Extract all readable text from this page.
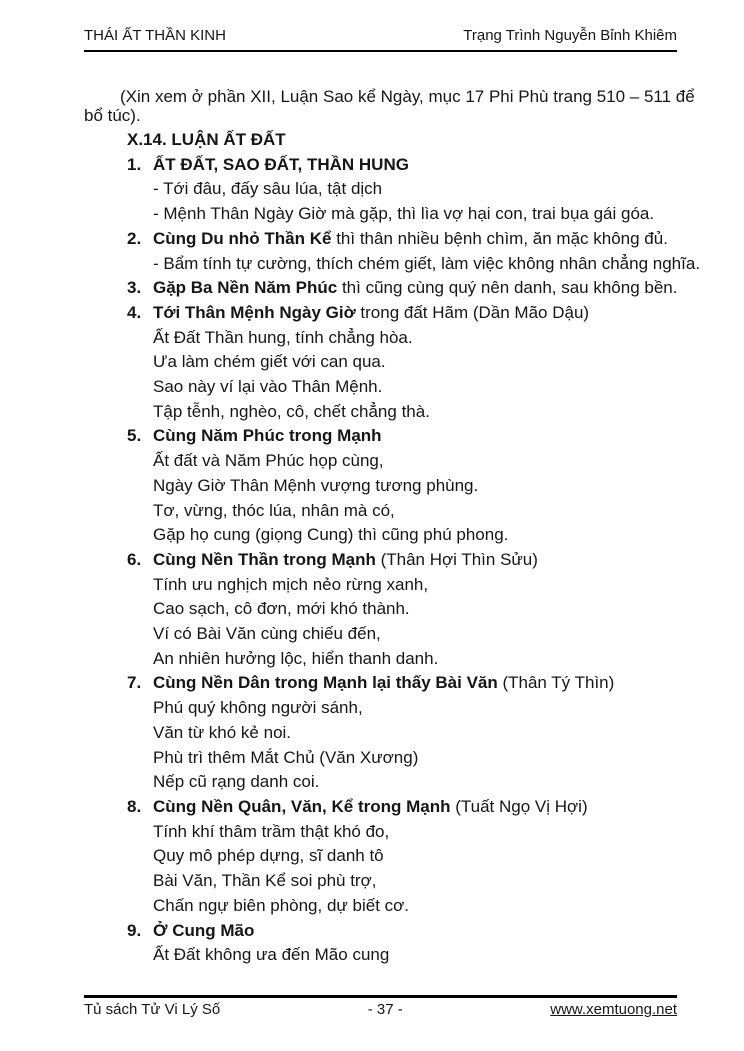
THÁI ẤT THẦN KINH	Trạng Trình Nguyễn Bỉnh Khiêm
(Xin xem ở phần XII, Luận Sao kể Ngày, mục 17 Phi Phù trang 510 – 511 để
bổ túc).
X.14. LUẬN ẤT ĐẤT
1. ẤT ĐẤT, SAO ĐẤT, THẦN HUNG
- Tới đâu, đấy sâu lúa, tật dịch
- Mệnh Thân Ngày Giờ mà gặp, thì lìa vợ hại con, trai bụa gái góa.
2. Cùng Du nhỏ Thần Kể thì thân nhiều bệnh chìm, ăn mặc không đủ.
- Bẩm tính tự cường, thích chém giết, làm việc không nhân chẳng nghĩa.
3. Gặp Ba Nền Năm Phúc thì cũng cùng quý nên danh, sau không bền.
4. Tới Thân Mệnh Ngày Giờ trong đất Hãm (Dần Mão Dậu)
Ất Đất Thần hung, tính chẳng hòa.
Ưa làm chém giết với can qua.
Sao này ví lại vào Thân Mệnh.
Tập tễnh, nghèo, cô, chết chẳng thà.
5. Cùng Năm Phúc trong Mạnh
Ất đất và Năm Phúc họp cùng,
Ngày Giờ Thân Mệnh vượng tương phùng.
Tơ, vừng, thóc lúa, nhân mà có,
Gặp họ cung (giọng Cung) thì cũng phú phong.
6. Cùng Nền Thần trong Mạnh (Thân Hợi Thìn Sửu)
Tính ưu nghịch mịch nẻo rừng xanh,
Cao sạch, cô đơn, mới khó thành.
Ví có Bài Văn cùng chiếu đến,
An nhiên hưởng lộc, hiển thanh danh.
7. Cùng Nền Dân trong Mạnh lại thấy Bài Văn (Thân Tý Thìn)
Phú quý không người sánh,
Văn từ khó kẻ noi.
Phù trì thêm Mắt Chủ (Văn Xương)
Nếp cũ rạng danh coi.
8. Cùng Nền Quân, Văn, Kể trong Mạnh (Tuất Ngọ Vị Hợi)
Tính khí thâm trầm thật khó đo,
Quy mô phép dựng, sĩ danh tô
Bài Văn, Thần Kể soi phù trợ,
Chấn ngự biên phòng, dự biết cơ.
9. Ở Cung Mão
Ất Đất không ưa đến Mão cung
Tủ sách Tử Vi Lý Số	- 37 -	www.xemtuong.net
